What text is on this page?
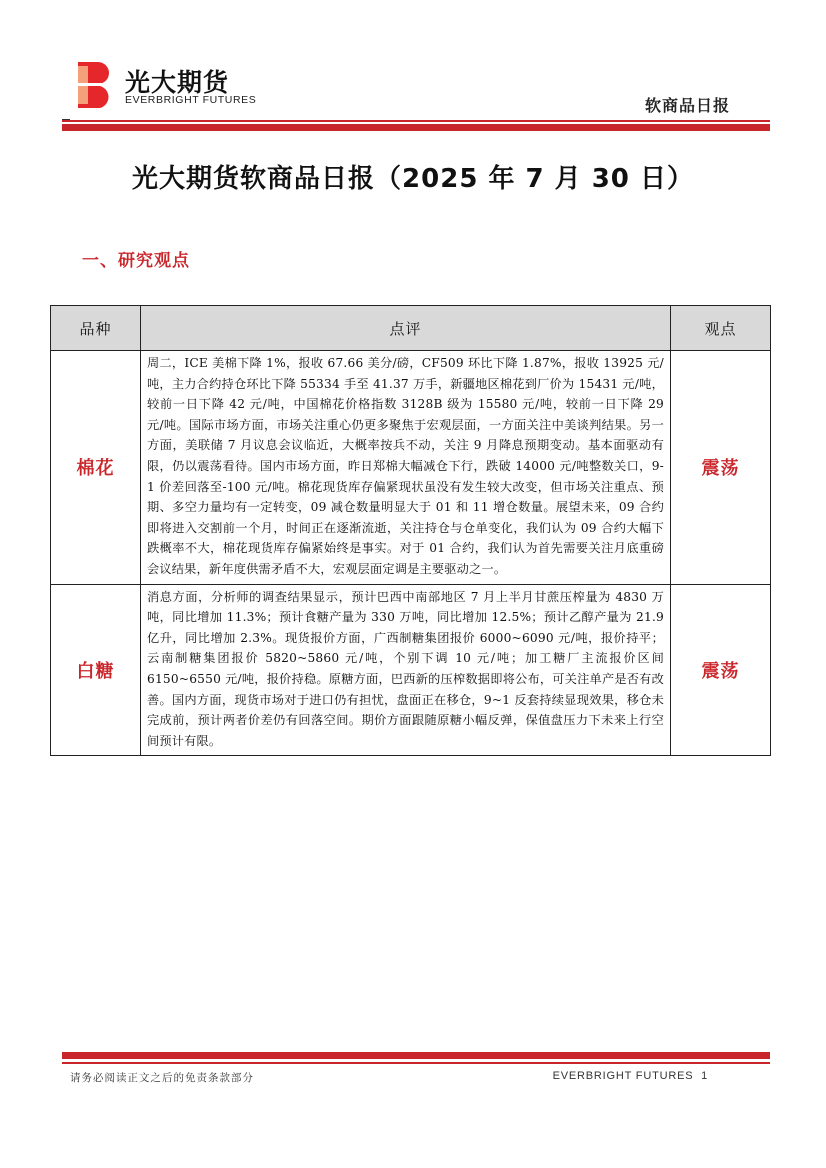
光大期货
EVERBRIGHT FUTURES	软商品日报
光大期货软商品日报（2025 年 7 月 30 日）
一、研究观点
品种	点评	观点
棉花	周二，ICE 美棉下降 1%，报收 67.66 美分/磅，CF509 环比下降 1.87%，报收 13925 元/吨，主力合约持仓环比下降 55334 手至 41.37 万手，新疆地区棉花到厂价为 15431 元/吨，较前一日下降 42 元/吨，中国棉花价格指数 3128B 级为 15580 元/吨，较前一日下降 29 元/吨。国际市场方面，市场关注重心仍更多聚焦于宏观层面，一方面关注中美谈判结果。另一方面，美联储 7 月议息会议临近，大概率按兵不动，关注 9 月降息预期变动。基本面驱动有限，仍以震荡看待。国内市场方面，昨日郑棉大幅减仓下行，跌破 14000 元/吨整数关口，9-1 价差回落至-100 元/吨。棉花现货库存偏紧现状虽没有发生较大改变，但市场关注重点、预期、多空力量均有一定转变，09 减仓数量明显大于 01 和 11 增仓数量。展望未来，09 合约即将进入交割前一个月，时间正在逐渐流逝，关注持仓与仓单变化，我们认为 09 合约大幅下跌概率不大，棉花现货库存偏紧始终是事实。对于 01 合约，我们认为首先需要关注月底重磅会议结果，新年度供需矛盾不大，宏观层面定调是主要驱动之一。	震荡
白糖	消息方面，分析师的调查结果显示，预计巴西中南部地区 7 月上半月甘蔗压榨量为 4830 万吨，同比增加 11.3%；预计食糖产量为 330 万吨，同比增加 12.5%；预计乙醇产量为 21.9 亿升，同比增加 2.3%。现货报价方面，广西制糖集团报价 6000~6090 元/吨，报价持平；云南制糖集团报价 5820~5860 元/吨，个别下调 10 元/吨；加工糖厂主流报价区间 6150~6550 元/吨，报价持稳。原糖方面，巴西新的压榨数据即将公布，可关注单产是否有改善。国内方面，现货市场对于进口仍有担忧，盘面正在移仓，9~1 反套持续显现效果，移仓未完成前，预计两者价差仍有回落空间。期价方面跟随原糖小幅反弹，保值盘压力下未来上行空间预计有限。	震荡
请务必阅读正文之后的免责条款部分	EVERBRIGHT FUTURES 1
